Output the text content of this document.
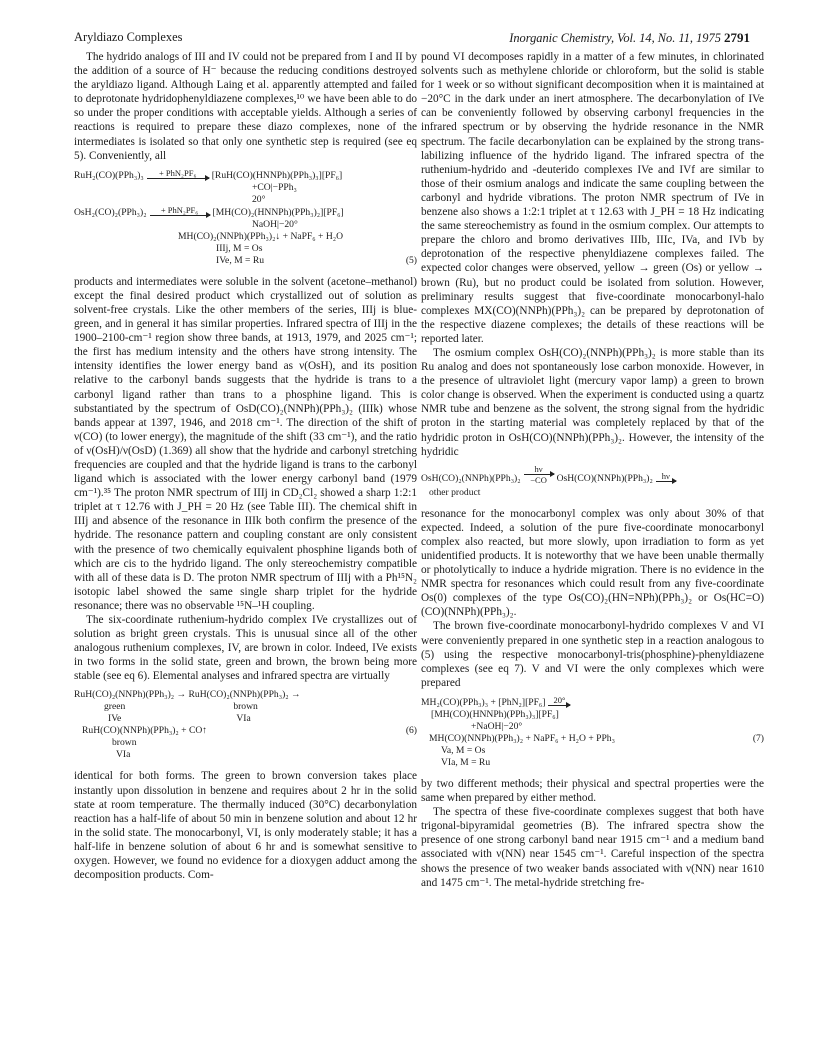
Aryldiazo Complexes	Inorganic Chemistry, Vol. 14, No. 11, 1975 2791

The hydrido analogs of III and IV could not be prepared from I and II by the addition of a source of H⁻ because the reducing conditions destroyed the aryldiazo ligand. Although Laing et al. apparently attempted and failed to deprotonate hydridophenyldiazene complexes,¹⁰ we have been able to do so under the proper conditions with acceptable yields. Although a series of reactions is required to prepare these diazo complexes, none of the intermediates is isolated so that only one synthetic step is required (see eq 5). Conveniently, all

RuH₂(CO)(PPh₃)₃	+ PhN₂PF₆	[RuH(CO)(HNNPh)(PPh₃)₃][PF₆]
+CO|−PPh₃
20°
OsH₂(CO)₂(PPh₃)₂	+ PhN₂PF₆	[MH(CO)₂(HNNPh)(PPh₃)₂][PF₆]
NaOH|−20°
MH(CO)₂(NNPh)(PPh₃)₂↓ + NaPF₆ + H₂O
IIIj, M = Os
IVe, M = Ru	(5)

products and intermediates were soluble in the solvent (acetone–methanol) except the final desired product which crystallized out of solution as solvent-free crystals. Like the other members of the series, IIIj is blue-green, and in general it has similar properties. Infrared spectra of IIIj in the 1900–2100-cm⁻¹ region show three bands, at 1913, 1979, and 2025 cm⁻¹; the first has medium intensity and the others have strong intensity. The intensity identifies the lower energy band as ν(OsH), and its position relative to the carbonyl bands suggests that the hydride is trans to a carbonyl ligand rather than trans to a phosphine ligand. This is substantiated by the spectrum of OsD(CO)₂(NNPh)(PPh₃)₂ (IIIk) whose bands appear at 1397, 1946, and 2018 cm⁻¹. The direction of the shift of ν(CO) (to lower energy), the magnitude of the shift (33 cm⁻¹), and the ratio of ν(OsH)/ν(OsD) (1.369) all show that the hydride and carbonyl stretching frequencies are coupled and that the hydride ligand is trans to the carbonyl ligand which is associated with the lower energy carbonyl band (1979 cm⁻¹).³⁵ The proton NMR spectrum of IIIj in CD₂Cl₂ showed a sharp 1:2:1 triplet at τ 12.76 with J_PH = 20 Hz (see Table III). The chemical shift in IIIj and absence of the resonance in IIIk both confirm the presence of the hydride. The resonance pattern and coupling constant are only consistent with the presence of two chemically equivalent phosphine ligands both of which are cis to the hydrido ligand. The only stereochemistry compatible with all of these data is D. The proton NMR spectrum of IIIj with a Ph¹⁵N₂ isotopic label showed the same single sharp triplet for the hydride resonance; there was no observable ¹⁵N–¹H coupling.

The six-coordinate ruthenium-hydrido complex IVe crystallizes out of solution as bright green crystals. This is unusual since all of the other analogous ruthenium complexes, IV, are brown in color. Indeed, IVe exists in two forms in the solid state, green and brown, the brown being more stable (see eq 6). Elemental analyses and infrared spectra are virtually

RuH(CO)₂(NNPh)(PPh₃)₂ → RuH(CO)₂(NNPh)(PPh₃)₂ →
green	brown
IVe	VIa
RuH(CO)(NNPh)(PPh₃)₂ + CO↑	(6)
brown
VIa

identical for both forms. The green to brown conversion takes place instantly upon dissolution in benzene and requires about 2 hr in the solid state at room temperature. The thermally induced (30°C) decarbonylation reaction has a half-life of about 50 min in benzene solution and about 12 hr in the solid state. The monocarbonyl, VI, is only moderately stable; it has a half-life in benzene solution of about 6 hr and is somewhat sensitive to oxygen. However, we found no evidence for a dioxygen adduct among the decomposition products. Com-

pound VI decomposes rapidly in a matter of a few minutes, in chlorinated solvents such as methylene chloride or chloroform, but the solid is stable for 1 week or so without significant decomposition when it is maintained at −20°C in the dark under an inert atmosphere. The decarbonylation of IVe can be conveniently followed by observing carbonyl frequencies in the infrared spectrum or by observing the hydride resonance in the NMR spectrum. The facile decarbonylation can be explained by the strong trans-labilizing influence of the hydrido ligand. The infrared spectra of the ruthenium-hydrido and -deuterido complexes IVe and IVf are similar to those of their osmium analogs and indicate the same coupling between the carbonyl and hydride vibrations. The proton NMR spectrum of IVe in benzene also shows a 1:2:1 triplet at τ 12.63 with J_PH = 18 Hz indicating the same stereochemistry as found in the osmium complex. Our attempts to prepare the chloro and bromo derivatives IIIb, IIIc, IVa, and IVb by deprotonation of the respective phenyldiazene complexes failed. The expected color changes were observed, yellow → green (Os) or yellow → brown (Ru), but no product could be isolated from solution. However, preliminary results suggest that five-coordinate monocarbonyl-halo complexes MX(CO)(NNPh)(PPh₃)₂ can be prepared by deprotonation of the respective diazene complexes; the details of these reactions will be reported later.

The osmium complex OsH(CO)₂(NNPh)(PPh₃)₂ is more stable than its Ru analog and does not spontaneously lose carbon monoxide. However, in the presence of ultraviolet light (mercury vapor lamp) a green to brown color change is observed. When the experiment is conducted using a quartz NMR tube and benzene as the solvent, the strong signal from the hydridic proton in the starting material was completely replaced by that of the hydridic proton in OsH(CO)(NNPh)(PPh₃)₂. However, the intensity of the hydridic

OsH(CO)₂(NNPh)(PPh₃)₂
hν
−CO	OsH(CO)(NNPh)(PPh₃)₂	hν
other product

resonance for the monocarbonyl complex was only about 30% of that expected. Indeed, a solution of the pure five-coordinate monocarbonyl complex also reacted, but more slowly, upon irradiation to form as yet unidentified products. It is noteworthy that we have been unable thermally or photolytically to induce a hydride migration. There is no evidence in the NMR spectra for resonances which could result from any five-coordinate Os(0) complexes of the type Os(CO)₂(HN=NPh)(PPh₃)₂ or Os(HC=O)(CO)(NNPh)(PPh₃)₂.

The brown five-coordinate monocarbonyl-hydrido complexes V and VI were conveniently prepared in one synthetic step in a reaction analogous to (5) using the respective monocarbonyl-tris(phosphine)-phenyldiazene complexes (see eq 7). V and VI were the only complexes which were prepared

MH₂(CO)(PPh₃)₃ + [PhN₂][PF₆] 20°
[MH(CO)(HNNPh)(PPh₃)₃][PF₆]
+NaOH|−20°
MH(CO)(NNPh)(PPh₃)₂ + NaPF₆ + H₂O + PPh₃	(7)
Va, M = Os
VIa, M = Ru

by two different methods; their physical and spectral properties were the same when prepared by either method.

The spectra of these five-coordinate complexes suggest that both have trigonal-bipyramidal geometries (B). The infrared spectra show the presence of one strong carbonyl band near 1915 cm⁻¹ and a medium band associated with ν(NN) near 1545 cm⁻¹. Careful inspection of the spectra shows the presence of two weaker bands associated with ν(NN) near 1610 and 1475 cm⁻¹. The metal-hydride stretching fre-
